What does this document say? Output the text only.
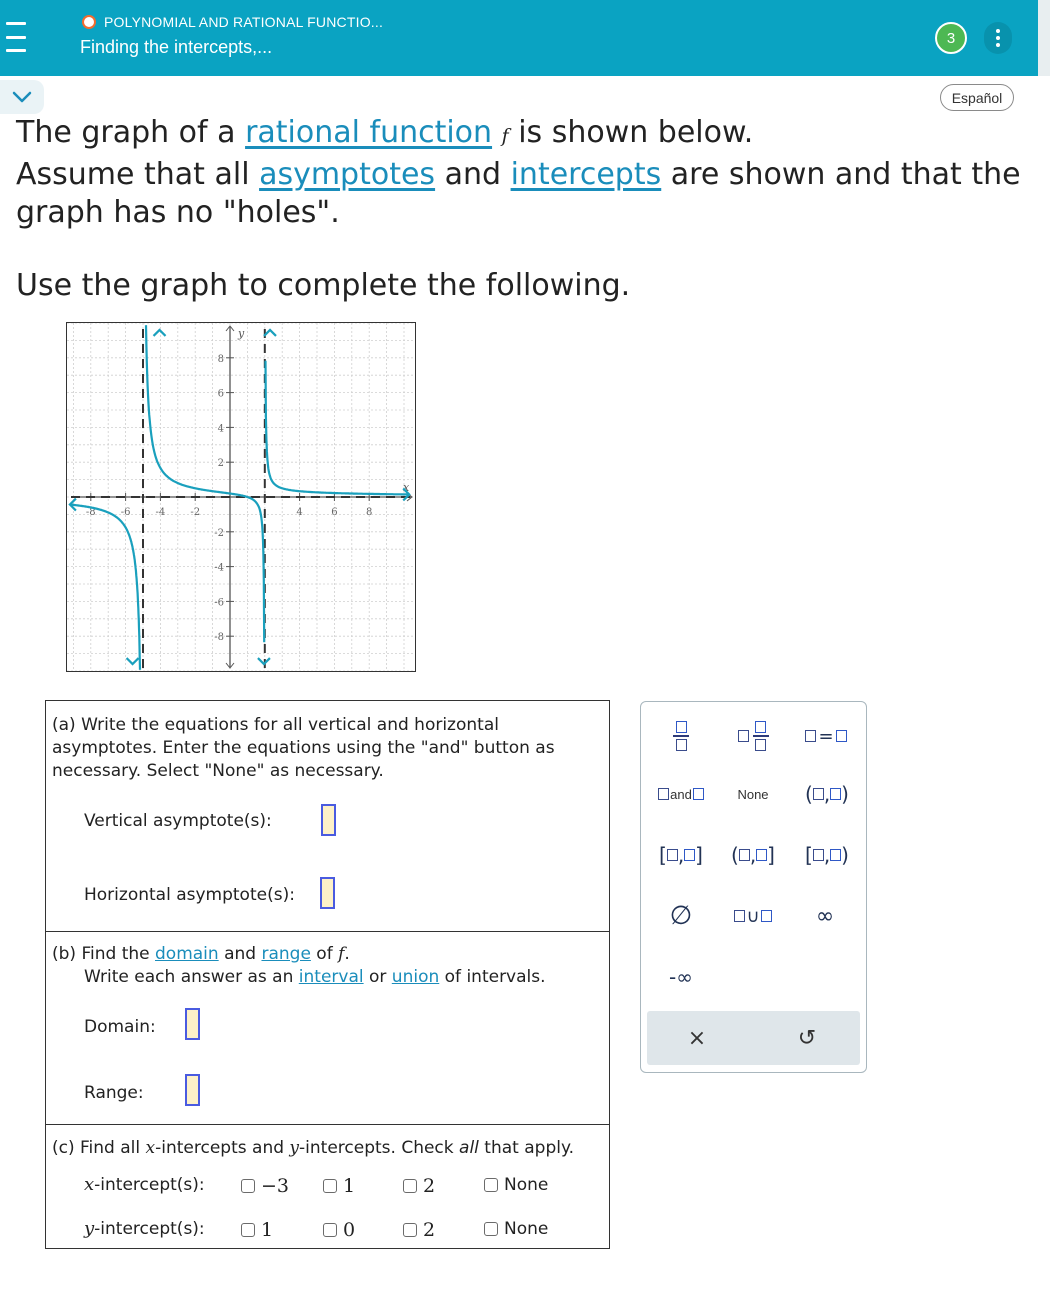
POLYNOMIAL AND RATIONAL FUNCTIO...
Finding the intercepts,...	3
Español
The graph of a rational function f is shown below.
Assume that all asymptotes and intercepts are shown and that the graph has no "holes".
Use the graph to complete the following.
-8	-6	-4	-2	4	6	8
8
6
4
2
-2
-4
-6
-8
x
y
(a) Write the equations for all vertical and horizontal asymptotes. Enter the equations using the "and" button as necessary. Select "None" as necessary.
Vertical asymptote(s):
Horizontal asymptote(s):
(b) Find the domain and range of f.
Write each answer as an interval or union of intervals.
Domain:
Range:
(c) Find all x-intercepts and y-intercepts. Check all that apply.
x-intercept(s):	−3	1	2	None
y-intercept(s):	1	0	2	None
=
and	None ( , )
[ , ] ( , ] [ , )
∅	∪	∞
-∞
×	↺
